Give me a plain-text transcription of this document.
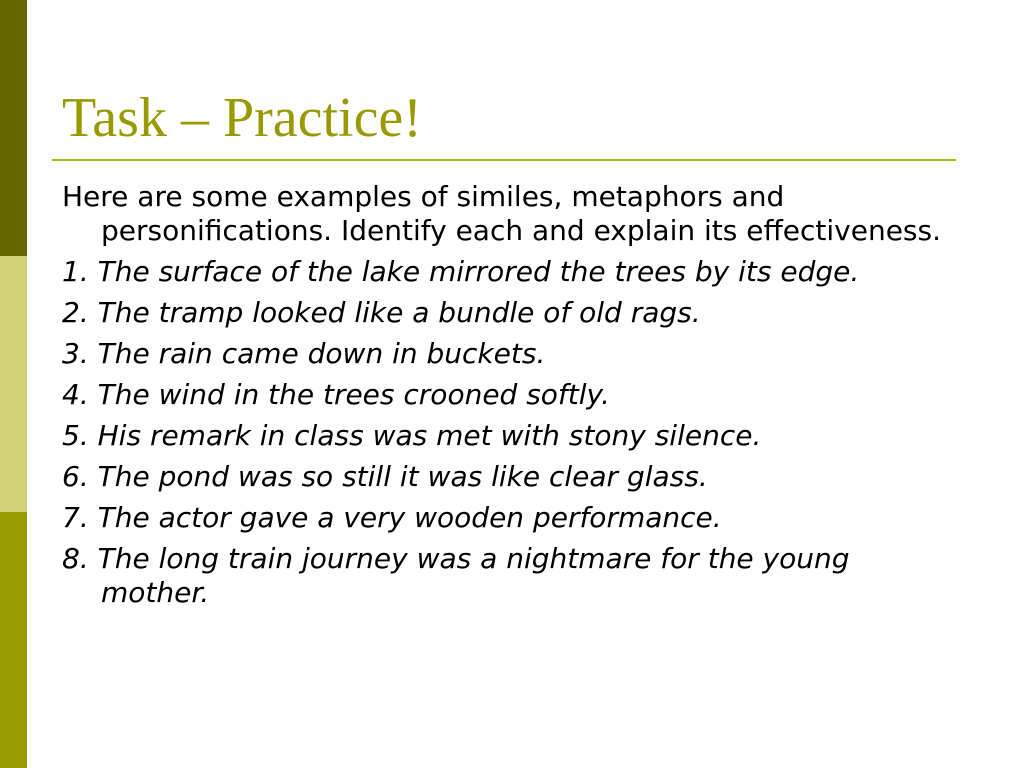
Task – Practice!

Here are some examples of similes, metaphors and personifications. Identify each and explain its effectiveness.

1. The surface of the lake mirrored the trees by its edge.

2. The tramp looked like a bundle of old rags.

3. The rain came down in buckets.

4. The wind in the trees crooned softly.

5. His remark in class was met with stony silence.

6. The pond was so still it was like clear glass.

7. The actor gave a very wooden performance.

8. The long train journey was a nightmare for the young mother.
